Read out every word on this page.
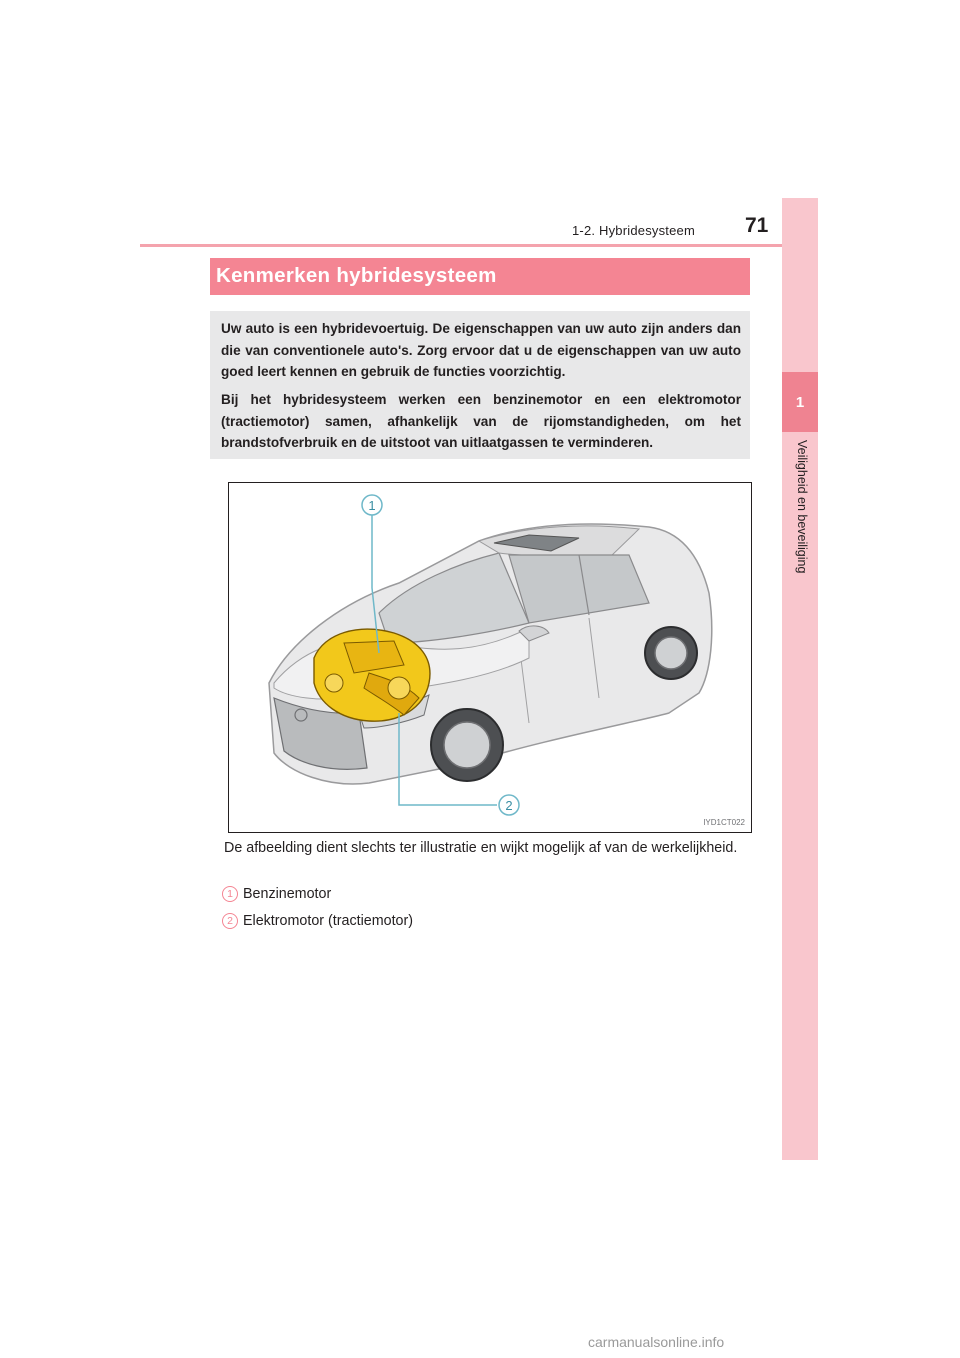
71
1-2. Hybridesysteem
1
Veiligheid en beveiliging
Kenmerken hybridesysteem

Uw auto is een hybridevoertuig. De eigenschappen van uw auto zijn anders dan die van conventionele auto's. Zorg ervoor dat u de eigenschappen van uw auto goed leert kennen en gebruik de functies voorzichtig.

Bij het hybridesysteem werken een benzinemotor en een elektromotor (tractiemotor) samen, afhankelijk van de rijomstandigheden, om het brandstofverbruik en de uitstoot van uitlaatgassen te verminderen.

1
2
IYD1CT022

De afbeelding dient slechts ter illustratie en wijkt mogelijk af van de werkelijkheid.

1 Benzinemotor
2 Elektromotor (tractiemotor)
carmanualsonline.info
